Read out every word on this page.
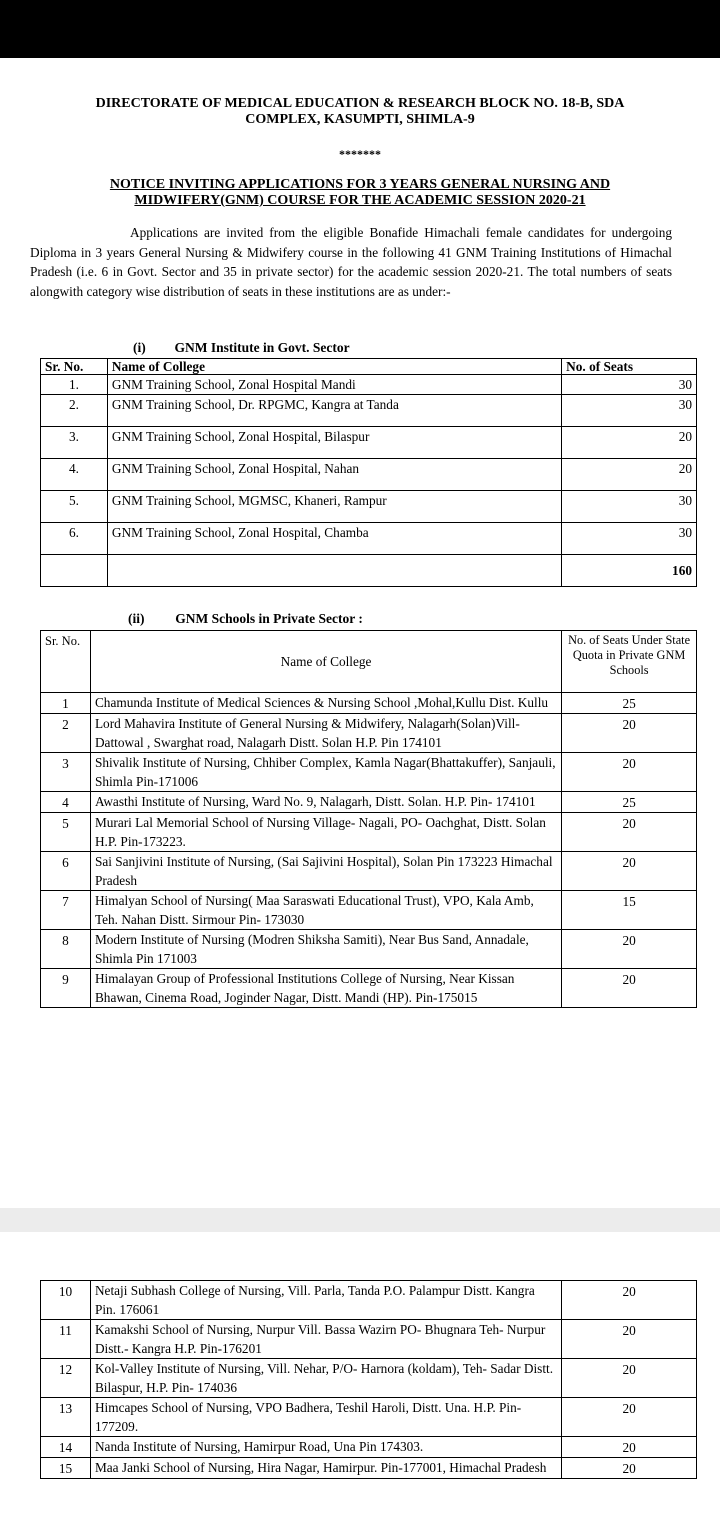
DIRECTORATE OF MEDICAL EDUCATION & RESEARCH BLOCK NO. 18-B, SDA
COMPLEX, KASUMPTI, SHIMLA-9
*******
NOTICE INVITING APPLICATIONS FOR 3 YEARS GENERAL NURSING AND
MIDWIFERY(GNM) COURSE FOR THE ACADEMIC SESSION 2020-21
Applications are invited from the eligible Bonafide Himachali female candidates for undergoing Diploma in 3 years General Nursing & Midwifery course in the following 41 GNM Training Institutions of Himachal Pradesh (i.e. 6 in Govt. Sector and 35 in private sector) for the academic session 2020-21. The total numbers of seats alongwith category wise distribution of seats in these institutions are as under:-
(i) GNM Institute in Govt. Sector
Sr. No.	Name of College	No. of Seats
1.	GNM Training School, Zonal Hospital Mandi	30
2.	GNM Training School, Dr. RPGMC, Kangra at Tanda	30
3.	GNM Training School, Zonal Hospital, Bilaspur	20
4.	GNM Training School, Zonal Hospital, Nahan	20
5.	GNM Training School, MGMSC, Khaneri, Rampur	30
6.	GNM Training School, Zonal Hospital, Chamba	30
		160
(ii) GNM Schools in Private Sector :
Sr. No.	Name of College	No. of Seats Under State Quota in Private GNM Schools
1	Chamunda Institute of Medical Sciences & Nursing School ,Mohal,Kullu Dist. Kullu	25
2	Lord Mahavira Institute of General Nursing & Midwifery, Nalagarh(Solan)Vill- Dattowal , Swarghat road, Nalagarh Distt. Solan H.P. Pin 174101	20
3	Shivalik Institute of Nursing, Chhiber Complex, Kamla Nagar(Bhattakuffer), Sanjauli, Shimla Pin-171006	20
4	Awasthi Institute of Nursing, Ward No. 9, Nalagarh, Distt. Solan. H.P. Pin- 174101	25
5	Murari Lal Memorial School of Nursing Village- Nagali, PO- Oachghat, Distt. Solan H.P. Pin-173223.	20
6	Sai Sanjivini Institute of Nursing, (Sai Sajivini Hospital), Solan Pin 173223 Himachal Pradesh	20
7	Himalyan School of Nursing( Maa Saraswati Educational Trust), VPO, Kala Amb, Teh. Nahan Distt. Sirmour Pin- 173030	15
8	Modern Institute of Nursing (Modren Shiksha Samiti), Near Bus Sand, Annadale, Shimla Pin 171003	20
9	Himalayan Group of Professional Institutions College of Nursing, Near Kissan Bhawan, Cinema Road, Joginder Nagar, Distt. Mandi (HP). Pin-175015	20
10	Netaji Subhash College of Nursing, Vill. Parla, Tanda P.O. Palampur Distt. Kangra Pin. 176061	20
11	Kamakshi School of Nursing, Nurpur Vill. Bassa Wazirn PO- Bhugnara Teh- Nurpur Distt.- Kangra H.P. Pin-176201	20
12	Kol-Valley Institute of Nursing, Vill. Nehar, P/O- Harnora (koldam), Teh- Sadar Distt. Bilaspur, H.P. Pin- 174036	20
13	Himcapes School of Nursing, VPO Badhera, Teshil Haroli, Distt. Una. H.P. Pin-177209.	20
14	Nanda Institute of Nursing, Hamirpur Road, Una Pin 174303.	20
15	Maa Janki School of Nursing, Hira Nagar, Hamirpur. Pin-177001, Himachal Pradesh	20
